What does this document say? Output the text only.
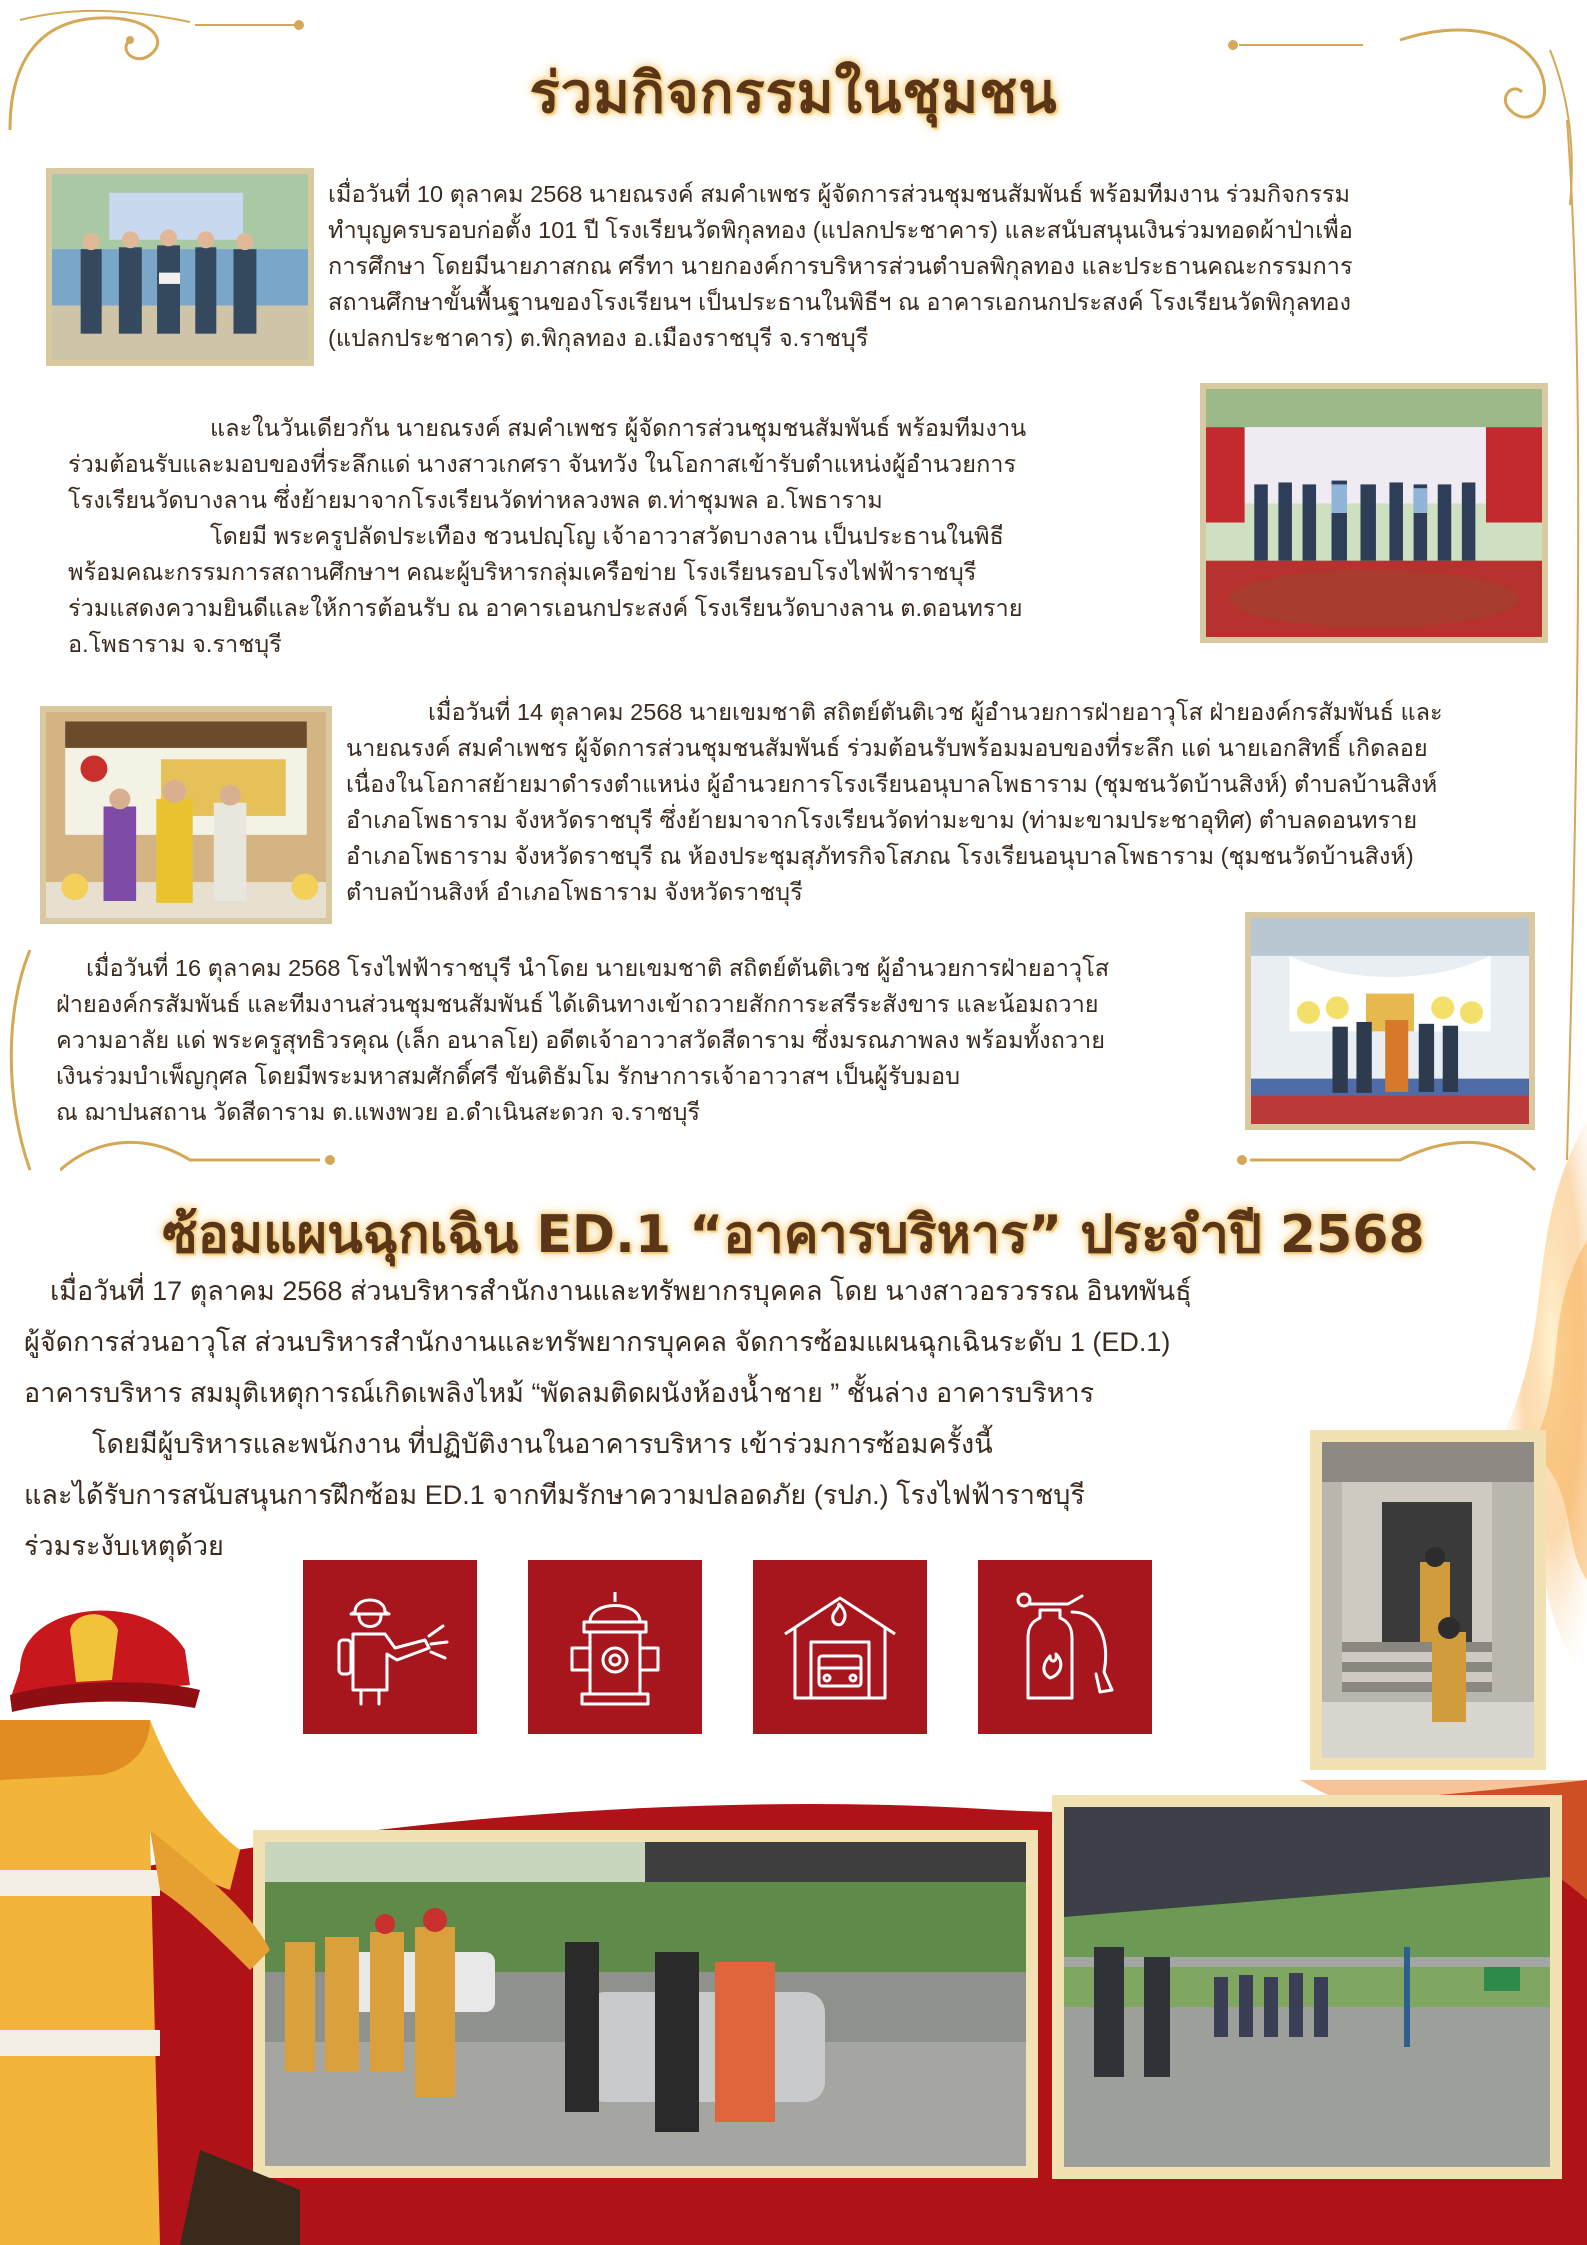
ร่วมกิจกรรมในชุมชน
เมื่อวันที่ 10 ตุลาคม 2568 นายณรงค์ สมคำเพชร ผู้จัดการส่วนชุมชนสัมพันธ์ พร้อมทีมงาน ร่วมกิจกรรม
ทำบุญครบรอบก่อตั้ง 101 ปี โรงเรียนวัดพิกุลทอง (แปลกประชาคาร) และสนับสนุนเงินร่วมทอดผ้าป่าเพื่อ
การศึกษา โดยมีนายภาสกณ ศรีทา นายกองค์การบริหารส่วนตำบลพิกุลทอง และประธานคณะกรรมการ
สถานศึกษาขั้นพื้นฐานของโรงเรียนฯ เป็นประธานในพิธีฯ ณ อาคารเอกนกประสงค์ โรงเรียนวัดพิกุลทอง
(แปลกประชาคาร) ต.พิกุลทอง อ.เมืองราชบุรี จ.ราชบุรี
และในวันเดียวกัน นายณรงค์ สมคำเพชร ผู้จัดการส่วนชุมชนสัมพันธ์ พร้อมทีมงาน
ร่วมต้อนรับและมอบของที่ระลึกแด่ นางสาวเกศรา จันทวัง ในโอกาสเข้ารับตำแหน่งผู้อำนวยการ
โรงเรียนวัดบางลาน ซึ่งย้ายมาจากโรงเรียนวัดท่าหลวงพล ต.ท่าชุมพล อ.โพธาราม
โดยมี พระครูปลัดประเทือง ชวนปญฺโญ เจ้าอาวาสวัดบางลาน เป็นประธานในพิธี
พร้อมคณะกรรมการสถานศึกษาฯ คณะผู้บริหารกลุ่มเครือข่าย โรงเรียนรอบโรงไฟฟ้าราชบุรี
ร่วมแสดงความยินดีและให้การต้อนรับ ณ อาคารเอนกประสงค์ โรงเรียนวัดบางลาน ต.ดอนทราย
อ.โพธาราม จ.ราชบุรี
เมื่อวันที่ 14 ตุลาคม 2568 นายเขมชาติ สถิตย์ตันติเวช ผู้อำนวยการฝ่ายอาวุโส ฝ่ายองค์กรสัมพันธ์ และ
นายณรงค์ สมคำเพชร ผู้จัดการส่วนชุมชนสัมพันธ์ ร่วมต้อนรับพร้อมมอบของที่ระลึก แด่ นายเอกสิทธิ์ เกิดลอย
เนื่องในโอกาสย้ายมาดำรงตำแหน่ง ผู้อำนวยการโรงเรียนอนุบาลโพธาราม (ชุมชนวัดบ้านสิงห์) ตำบลบ้านสิงห์
อำเภอโพธาราม จังหวัดราชบุรี ซึ่งย้ายมาจากโรงเรียนวัดท่ามะขาม (ท่ามะขามประชาอุทิศ) ตำบลดอนทราย
อำเภอโพธาราม จังหวัดราชบุรี ณ ห้องประชุมสุภัทรกิจโสภณ โรงเรียนอนุบาลโพธาราม (ชุมชนวัดบ้านสิงห์)
ตำบลบ้านสิงห์ อำเภอโพธาราม จังหวัดราชบุรี
เมื่อวันที่ 16 ตุลาคม 2568 โรงไฟฟ้าราชบุรี นำโดย นายเขมชาติ สถิตย์ตันติเวช ผู้อำนวยการฝ่ายอาวุโส
ฝ่ายองค์กรสัมพันธ์ และทีมงานส่วนชุมชนสัมพันธ์ ได้เดินทางเข้าถวายสักการะสรีระสังขาร และน้อมถวาย
ความอาลัย แด่ พระครูสุทธิวรคุณ (เล็ก อนาลโย) อดีตเจ้าอาวาสวัดสีดาราม ซึ่งมรณภาพลง พร้อมทั้งถวาย
เงินร่วมบำเพ็ญกุศล โดยมีพระมหาสมศักดิ์ศรี ขันติธัมโม รักษาการเจ้าอาวาสฯ เป็นผู้รับมอบ
ณ ฌาปนสถาน วัดสีดาราม ต.แพงพวย อ.ดำเนินสะดวก จ.ราชบุรี
ซ้อมแผนฉุกเฉิน ED.1 “อาคารบริหาร” ประจำปี 2568
เมื่อวันที่ 17 ตุลาคม 2568 ส่วนบริหารสำนักงานและทรัพยากรบุคคล โดย นางสาวอรวรรณ อินทพันธุ์
ผู้จัดการส่วนอาวุโส ส่วนบริหารสำนักงานและทรัพยากรบุคคล จัดการซ้อมแผนฉุกเฉินระดับ 1 (ED.1)
อาคารบริหาร สมมุติเหตุการณ์เกิดเพลิงไหม้ “พัดลมติดผนังห้องน้ำชาย ” ชั้นล่าง อาคารบริหาร
โดยมีผู้บริหารและพนักงาน ที่ปฏิบัติงานในอาคารบริหาร เข้าร่วมการซ้อมครั้งนี้
และได้รับการสนับสนุนการฝึกซ้อม ED.1 จากทีมรักษาความปลอดภัย (รปภ.) โรงไฟฟ้าราชบุรี
ร่วมระงับเหตุด้วย
